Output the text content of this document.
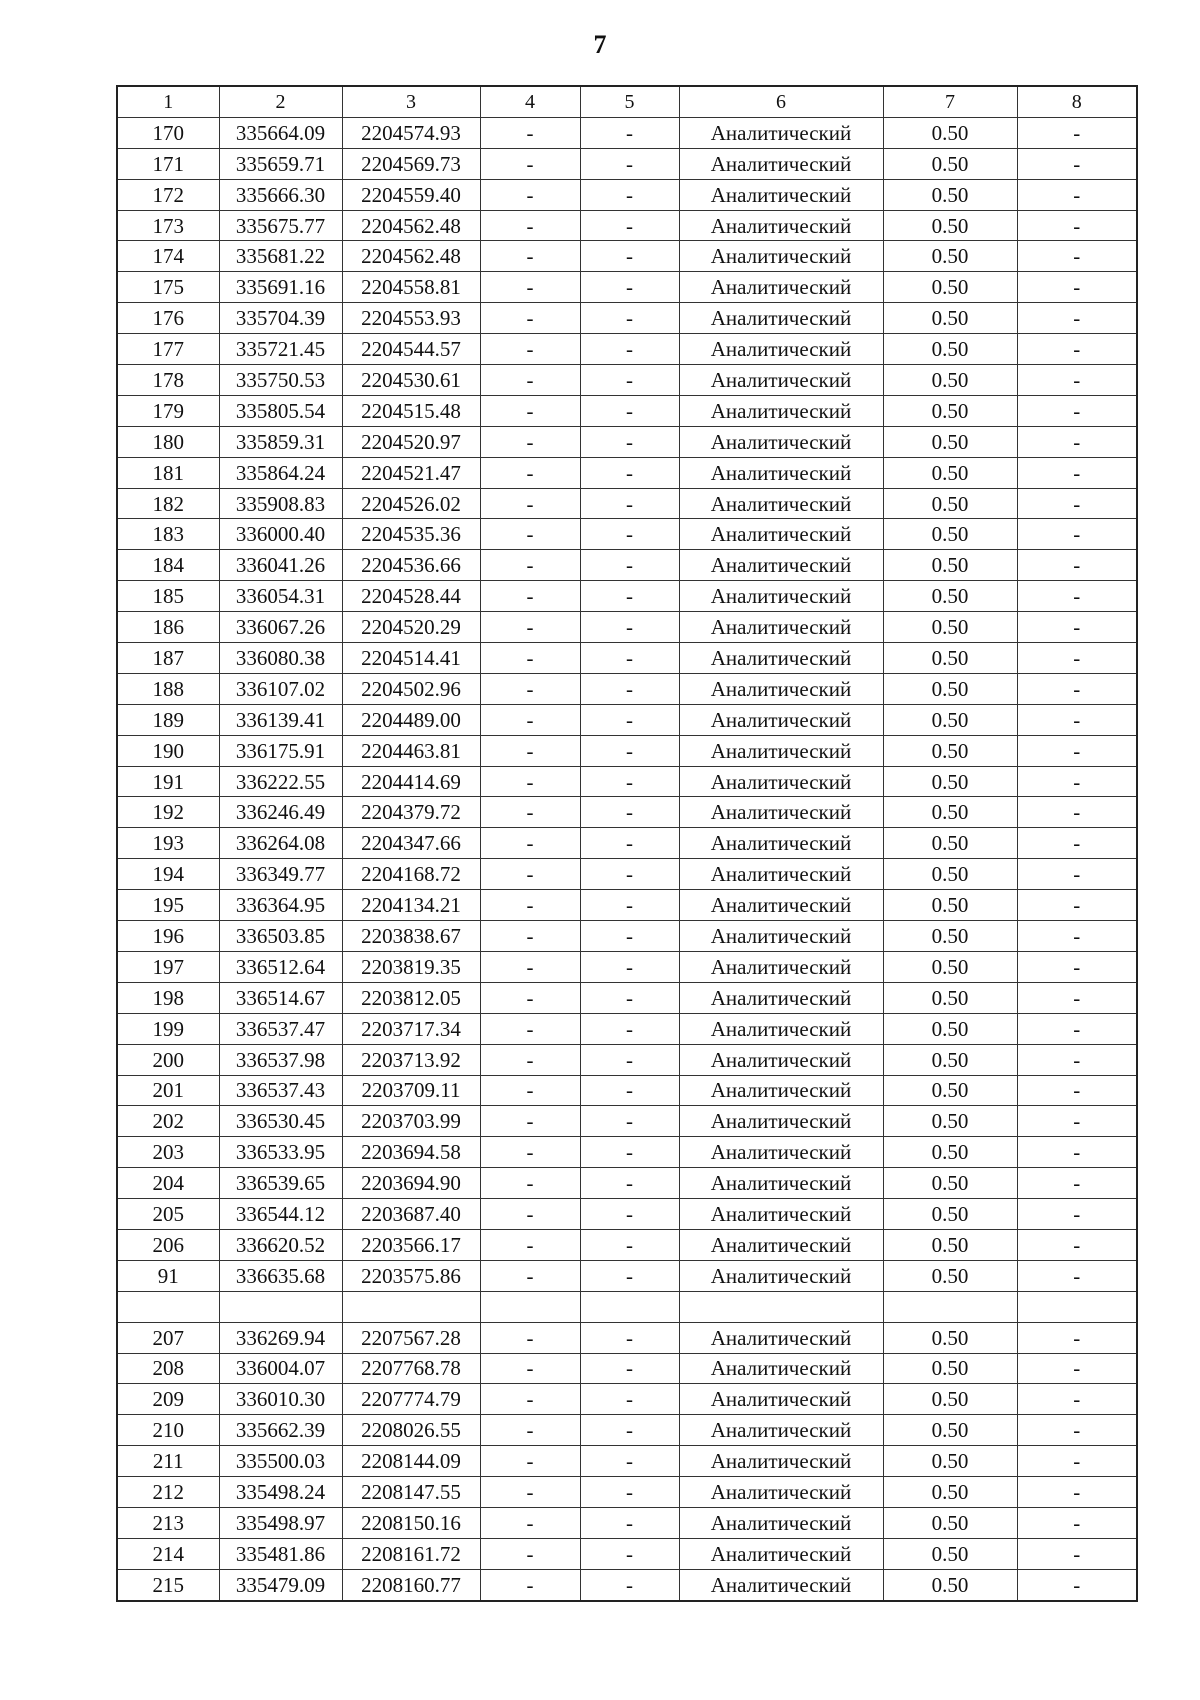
7
1	2	3	4	5	6	7	8
170	335664.09	2204574.93	-	-	Аналитический	0.50	-
171	335659.71	2204569.73	-	-	Аналитический	0.50	-
172	335666.30	2204559.40	-	-	Аналитический	0.50	-
173	335675.77	2204562.48	-	-	Аналитический	0.50	-
174	335681.22	2204562.48	-	-	Аналитический	0.50	-
175	335691.16	2204558.81	-	-	Аналитический	0.50	-
176	335704.39	2204553.93	-	-	Аналитический	0.50	-
177	335721.45	2204544.57	-	-	Аналитический	0.50	-
178	335750.53	2204530.61	-	-	Аналитический	0.50	-
179	335805.54	2204515.48	-	-	Аналитический	0.50	-
180	335859.31	2204520.97	-	-	Аналитический	0.50	-
181	335864.24	2204521.47	-	-	Аналитический	0.50	-
182	335908.83	2204526.02	-	-	Аналитический	0.50	-
183	336000.40	2204535.36	-	-	Аналитический	0.50	-
184	336041.26	2204536.66	-	-	Аналитический	0.50	-
185	336054.31	2204528.44	-	-	Аналитический	0.50	-
186	336067.26	2204520.29	-	-	Аналитический	0.50	-
187	336080.38	2204514.41	-	-	Аналитический	0.50	-
188	336107.02	2204502.96	-	-	Аналитический	0.50	-
189	336139.41	2204489.00	-	-	Аналитический	0.50	-
190	336175.91	2204463.81	-	-	Аналитический	0.50	-
191	336222.55	2204414.69	-	-	Аналитический	0.50	-
192	336246.49	2204379.72	-	-	Аналитический	0.50	-
193	336264.08	2204347.66	-	-	Аналитический	0.50	-
194	336349.77	2204168.72	-	-	Аналитический	0.50	-
195	336364.95	2204134.21	-	-	Аналитический	0.50	-
196	336503.85	2203838.67	-	-	Аналитический	0.50	-
197	336512.64	2203819.35	-	-	Аналитический	0.50	-
198	336514.67	2203812.05	-	-	Аналитический	0.50	-
199	336537.47	2203717.34	-	-	Аналитический	0.50	-
200	336537.98	2203713.92	-	-	Аналитический	0.50	-
201	336537.43	2203709.11	-	-	Аналитический	0.50	-
202	336530.45	2203703.99	-	-	Аналитический	0.50	-
203	336533.95	2203694.58	-	-	Аналитический	0.50	-
204	336539.65	2203694.90	-	-	Аналитический	0.50	-
205	336544.12	2203687.40	-	-	Аналитический	0.50	-
206	336620.52	2203566.17	-	-	Аналитический	0.50	-
91	336635.68	2203575.86	-	-	Аналитический	0.50	-

207	336269.94	2207567.28	-	-	Аналитический	0.50	-
208	336004.07	2207768.78	-	-	Аналитический	0.50	-
209	336010.30	2207774.79	-	-	Аналитический	0.50	-
210	335662.39	2208026.55	-	-	Аналитический	0.50	-
211	335500.03	2208144.09	-	-	Аналитический	0.50	-
212	335498.24	2208147.55	-	-	Аналитический	0.50	-
213	335498.97	2208150.16	-	-	Аналитический	0.50	-
214	335481.86	2208161.72	-	-	Аналитический	0.50	-
215	335479.09	2208160.77	-	-	Аналитический	0.50	-
